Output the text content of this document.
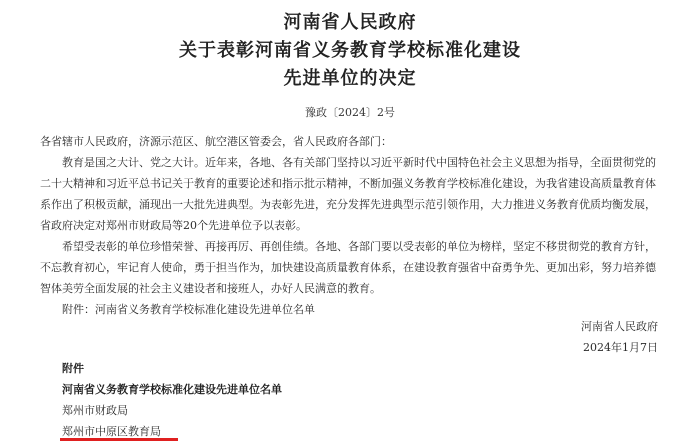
河南省人民政府
关于表彰河南省义务教育学校标准化建设
先进单位的决定
豫政〔2024〕2号
各省辖市人民政府，济源示范区、航空港区管委会，省人民政府各部门：
教育是国之大计、党之大计。近年来，各地、各有关部门坚持以习近平新时代中国特色社会主义思想为指导，全面贯彻党的二十大精神和习近平总书记关于教育的重要论述和指示批示精神，不断加强义务教育学校标准化建设，为我省建设高质量教育体系作出了积极贡献，涌现出一大批先进典型。为表彰先进，充分发挥先进典型示范引领作用，大力推进义务教育优质均衡发展，省政府决定对郑州市财政局等20个先进单位予以表彰。
希望受表彰的单位珍惜荣誉、再接再厉、再创佳绩。各地、各部门要以受表彰的单位为榜样，坚定不移贯彻党的教育方针，不忘教育初心，牢记育人使命，勇于担当作为，加快建设高质量教育体系，在建设教育强省中奋勇争先、更加出彩，努力培养德智体美劳全面发展的社会主义建设者和接班人，办好人民满意的教育。
附件：河南省义务教育学校标准化建设先进单位名单
河南省人民政府
2024年1月7日
附件
河南省义务教育学校标准化建设先进单位名单
郑州市财政局
郑州市中原区教育局
